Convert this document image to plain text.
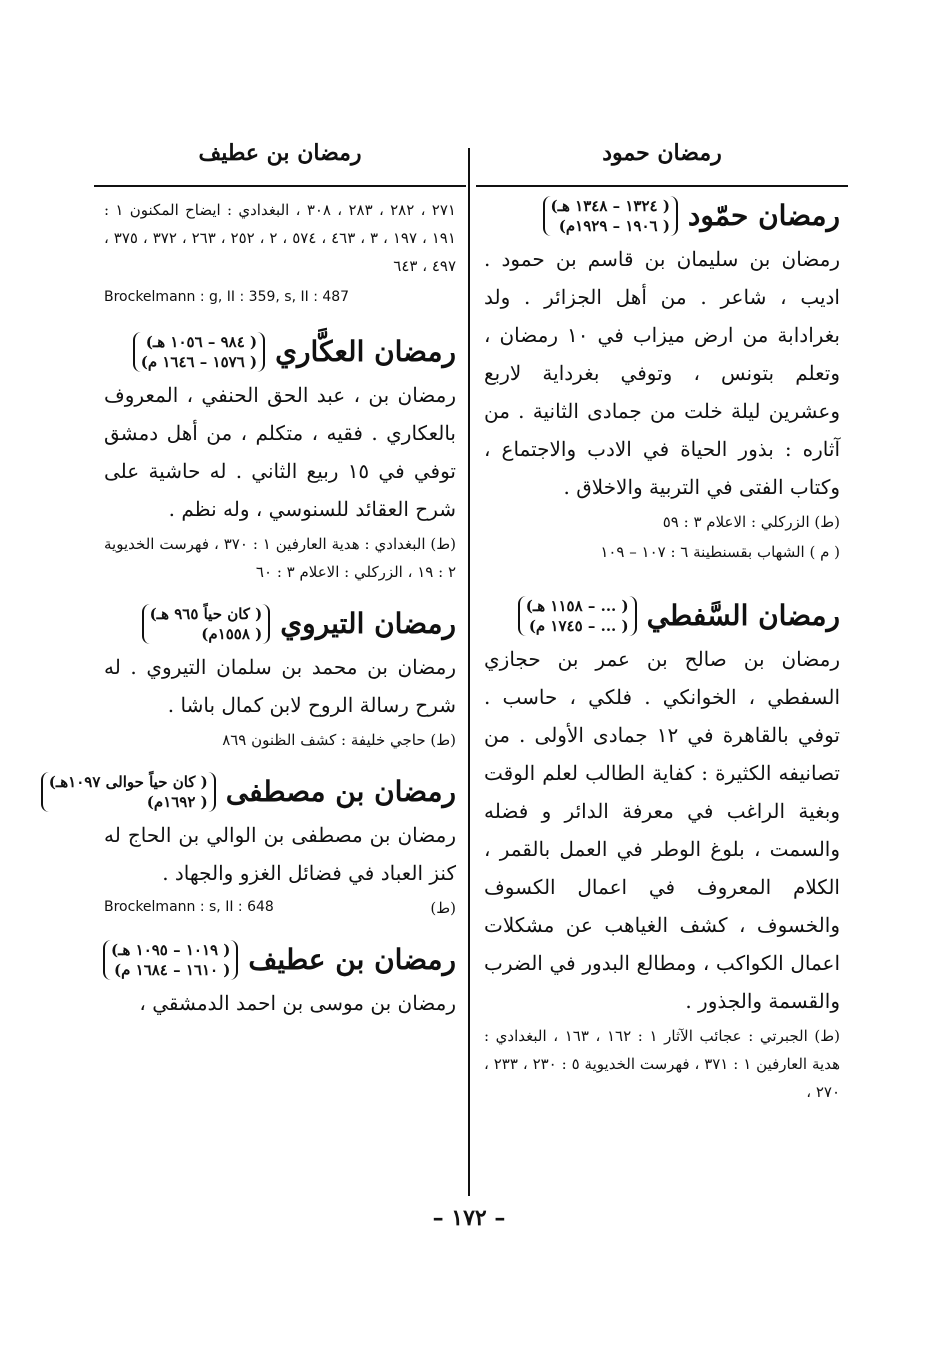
رمضان حمود
رمضان بن عطيف
رمضان حمّود
( ١٣٢٤ – ١٣٤٨ هـ)
( ١٩٠٦ – ١٩٢٩م)

رمضان بن سليمان بن قاسم بن حمود . اديب ، شاعر . من أهل الجزائر . ولد بغرادابة من ارض ميزاب في ١٠ رمضان ، وتعلم بتونس ، وتوفي بغرداية لاربع وعشرين ليلة خلت من جمادى الثانية . من آثاره : بذور الحياة في الادب والاجتماع ، وكتاب الفتى في التربية والاخلاق .

(ط) الزركلي : الاعلام ٣ : ٥٩
( م ) الشهاب بقسنطينة ٦ : ١٠٧ – ١٠٩
رمضان السَّفطي
( ... – ١١٥٨ هـ)
( ... – ١٧٤٥ م)

رمضان بن صالح بن عمر بن حجازي السفطي ، الخوانكي . فلكي ، حاسب . توفي بالقاهرة في ١٢ جمادى الأولى . من تصانيفه الكثيرة : كفاية الطالب لعلم الوقت وبغية الراغب في معرفة الدائر و فضله والسمت ، بلوغ الوطر في العمل بالقمر ، الكلام المعروف في اعمال الكسوف والخسوف ، كشف الغياهب عن مشكلات اعمال الكواكب ، ومطالع البدور في الضرب والقسمة والجذور .

(ط) الجبرتي : عجائب الآثار ١ : ١٦٢ ، ١٦٣ ، البغدادي : هدية العارفين ١ : ٣٧١ ، فهرست الخديوية ٥ : ٢٣٠ ، ٢٣٣ ، ٢٧٠ ،
٢٧١ ، ٢٨٢ ، ٢٨٣ ، ٣٠٨ ، البغدادي : ايضاح المكنون ١ : ١٩١ ، ١٩٧ ، ٣ ، ٤٦٣ ، ٥٧٤ ، ٢ ، ٢٥٢ ، ٢٦٣ ، ٣٧٢ ، ٣٧٥ ، ٤٩٧ ، ٦٤٣
Brockelmann : g, II : 359, s, II : 487
رمضان العكَّاري
( ٩٨٤ – ١٠٥٦ هـ)
( ١٥٧٦ – ١٦٤٦ م)

رمضان بن ، عبد الحق الحنفي ، المعروف بالعكاري . فقيه ، متكلم ، من أهل دمشق توفي في ١٥ ربيع الثاني . له حاشية على شرح العقائد للسنوسي ، وله نظم .

(ط) البغدادي : هدية العارفين ١ : ٣٧٠ ، فهرست الخديوية ٢ : ١٩ ، الزركلي : الاعلام ٣ : ٦٠
رمضان التيروي
( كان حياً ٩٦٥ هـ)
( ١٥٥٨م)

رمضان بن محمد بن سلمان التيروي . له شرح رسالة الروح لابن كمال باشا .

(ط) حاجي خليفة : كشف الظنون ٨٦٩
رمضان بن مصطفى
( كان حياً حوالى ١٠٩٧هـ)
( ١٦٩٢م)

رمضان بن مصطفى بن الوالي بن الحاج له كنز العباد في فضائل الغزو والجهاد .

(ط)
Brockelmann : s, II : 648
رمضان بن عطيف
( ١٠١٩ – ١٠٩٥ هـ)
( ١٦١٠ – ١٦٨٤ م)

رمضان بن موسى بن احمد الدمشقي ،

– ١٧٢ –
